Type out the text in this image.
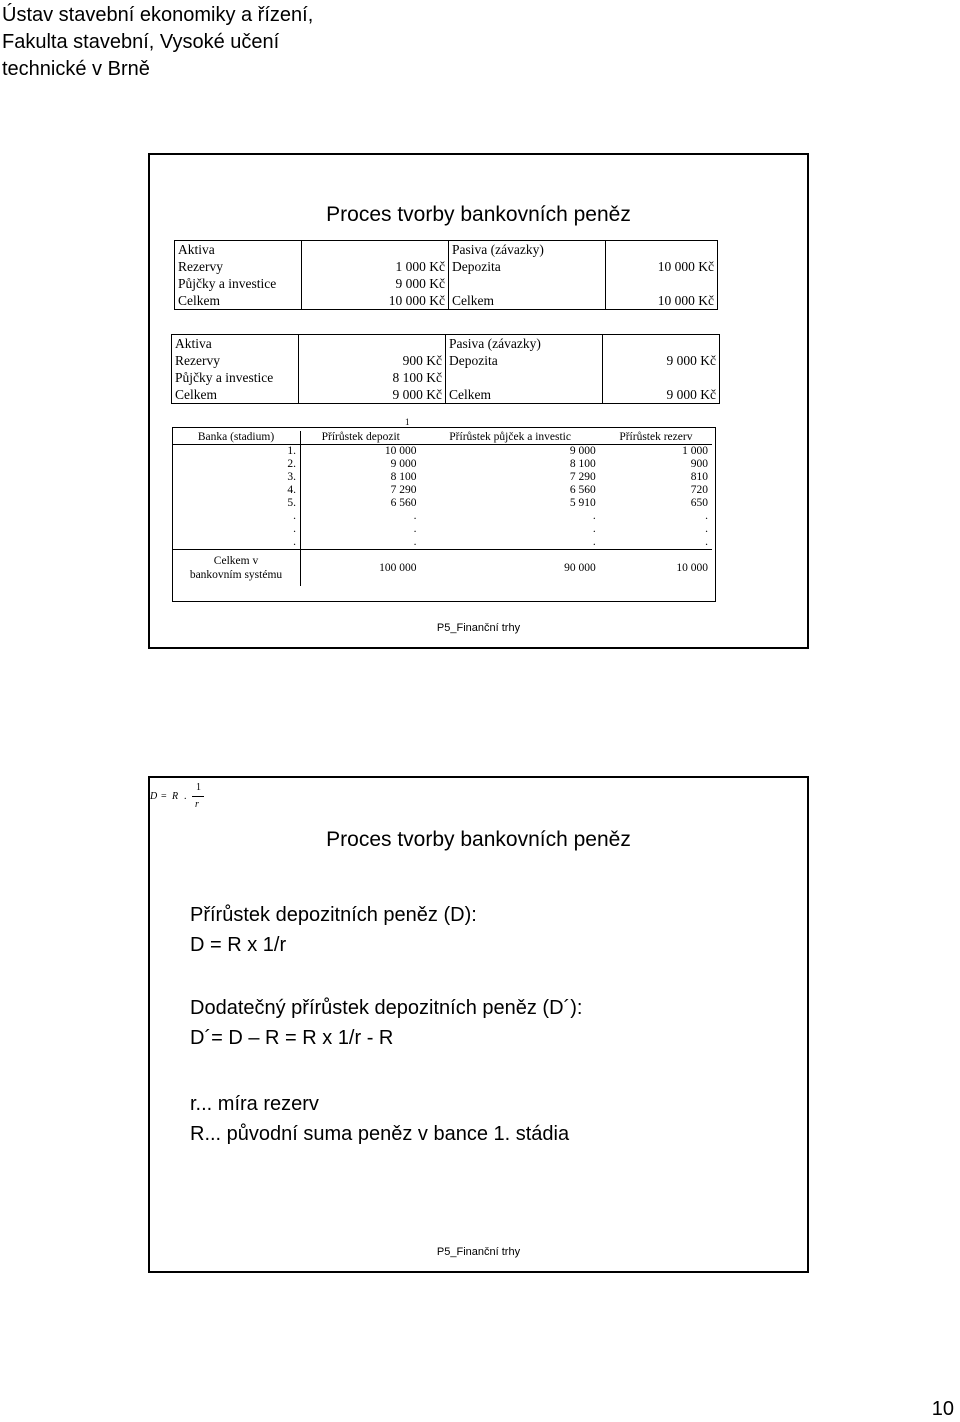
Ústav stavební ekonomiky a řízení,
Fakulta stavební, Vysoké učení
technické v Brně
Proces tvorby bankovních peněz
Aktiva		Pasiva (závazky)	
Rezervy	1 000 Kč	Depozita	10 000 Kč
Půjčky a investice	9 000 Kč		
Celkem	10 000 Kč	Celkem	10 000 Kč
Aktiva		Pasiva (závazky)	
Rezervy	900 Kč	Depozita	9 000 Kč
Půjčky a investice	8 100 Kč		
Celkem	9 000 Kč	Celkem	9 000 Kč
1
Banka (stadium)	Přírůstek depozit	Přírůstek půjček a investic	Přírůstek rezerv
1.	10 000	9 000	1 000
2.	9 000	8 100	900
3.	8 100	7 290	810
4.	7 290	6 560	720
5.	6 560	5 910	650
.	.	.	.
.	.	.	.
.	.	.	.

Celkem v
bankovním systému	100 000	90 000	10 000
P5_Finanční trhy
D = R .
1
r
Proces tvorby bankovních peněz
Přírůstek depozitních peněz (D):
D = R x 1/r
Dodatečný přírůstek depozitních peněz (D´):
D´= D – R = R x 1/r - R
r... míra rezerv
R... původní suma peněz v bance 1. stádia
P5_Finanční trhy
10
